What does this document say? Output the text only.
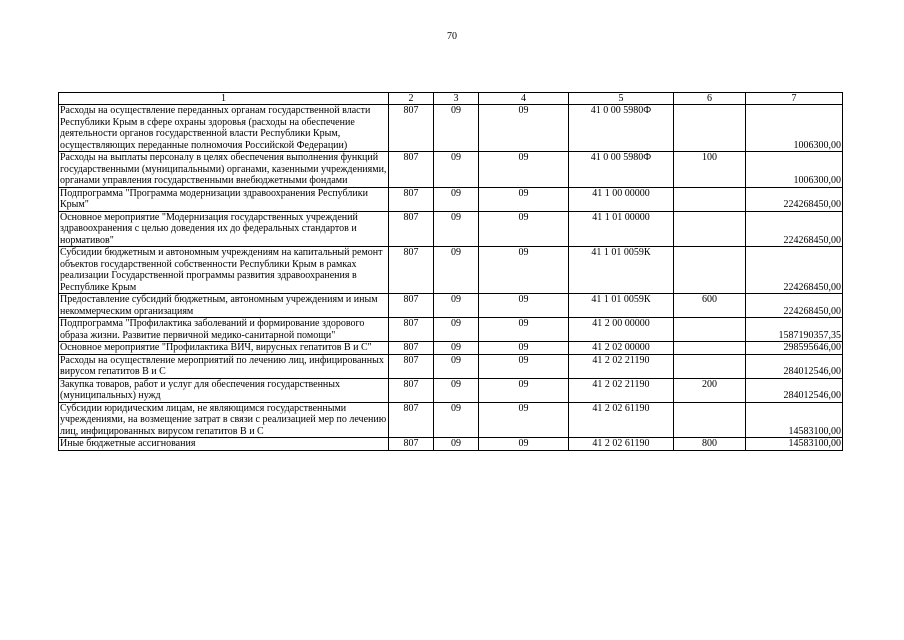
70
1	2	3	4	5	6	7
Расходы на осуществление переданных органам государственной власти Республики Крым в сфере охраны здоровья (расходы на обеспечение деятельности органов государственной власти Республики Крым, осуществляющих переданные полномочия Российской Федерации)	807	09	09	41 0 00 5980Ф		1006300,00
Расходы на выплаты персоналу в целях обеспечения выполнения функций государственными (муниципальными) органами, казенными учреждениями, органами управления государственными внебюджетными фондами	807	09	09	41 0 00 5980Ф	100	1006300,00
Подпрограмма "Программа модернизации здравоохранения Республики Крым"	807	09	09	41 1 00 00000		224268450,00
Основное мероприятие "Модернизация государственных учреждений здравоохранения с целью доведения их до федеральных стандартов и нормативов"	807	09	09	41 1 01 00000		224268450,00
Субсидии бюджетным и автономным учреждениям на капитальный ремонт объектов государственной собственности Республики Крым в рамках реализации Государственной программы развития здравоохранения в Республике Крым	807	09	09	41 1 01 0059К		224268450,00
Предоставление субсидий бюджетным, автономным учреждениям и иным некоммерческим организациям	807	09	09	41 1 01 0059К	600	224268450,00
Подпрограмма "Профилактика заболеваний и формирование здорового образа жизни. Развитие первичной медико-санитарной помощи"	807	09	09	41 2 00 00000		1587190357,35
Основное мероприятие "Профилактика ВИЧ, вирусных гепатитов В и С"	807	09	09	41 2 02 00000		298595646,00
Расходы на осуществление мероприятий по лечению лиц, инфицированных вирусом гепатитов В и С	807	09	09	41 2 02 21190		284012546,00
Закупка товаров, работ и услуг для обеспечения государственных (муниципальных) нужд	807	09	09	41 2 02 21190	200	284012546,00
Субсидии юридическим лицам, не являющимся государственными учреждениями, на возмещение затрат в связи с реализацией мер по лечению лиц, инфицированных вирусом гепатитов В и С	807	09	09	41 2 02 61190		14583100,00
Иные бюджетные ассигнования	807	09	09	41 2 02 61190	800	14583100,00
